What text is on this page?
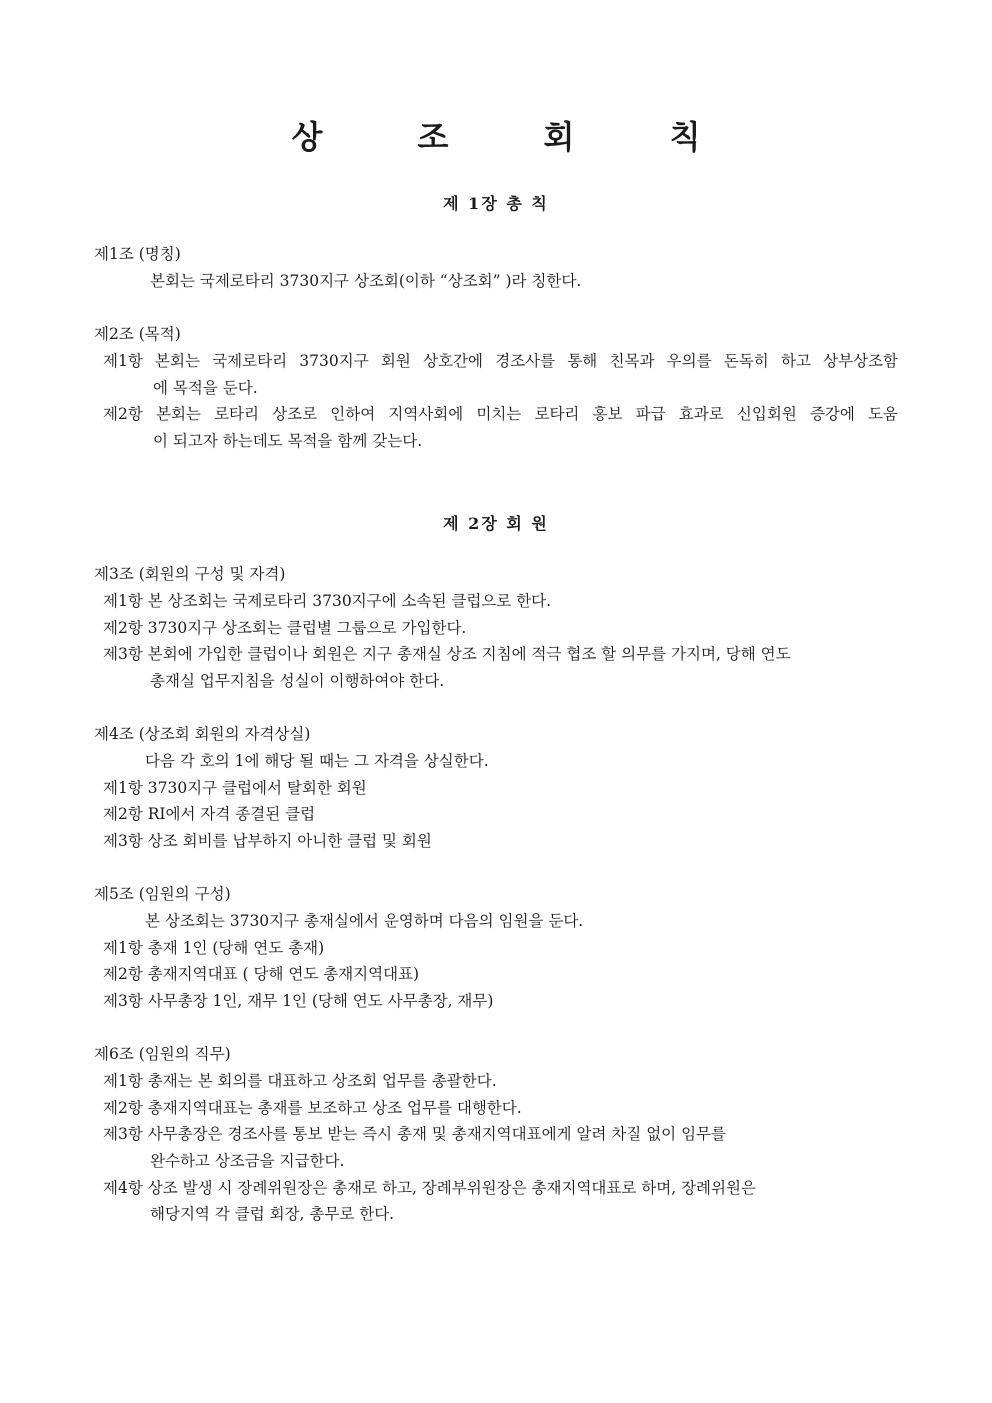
상 조 회 칙
제 1장 총 칙
제1조 (명칭)
본회는 국제로타리 3730지구 상조회(이하 “상조회” )라 칭한다.
제2조 (목적)
제1항 본회는 국제로타리 3730지구 회원 상호간에 경조사를 통해 친목과 우의를 돈독히 하고 상부상조함
에 목적을 둔다.
제2항 본회는 로타리 상조로 인하여 지역사회에 미치는 로타리 홍보 파급 효과로 신입회원 증강에 도움
이 되고자 하는데도 목적을 함께 갖는다.
제 2장 회 원
제3조 (회원의 구성 및 자격)
제1항 본 상조회는 국제로타리 3730지구에 소속된 클럽으로 한다.
제2항 3730지구 상조회는 클럽별 그룹으로 가입한다.
제3항 본회에 가입한 클럽이나 회원은 지구 총재실 상조 지침에 적극 협조 할 의무를 가지며, 당해 연도
총재실 업무지침을 성실이 이행하여야 한다.
제4조 (상조회 회원의 자격상실)
다음 각 호의 1에 해당 될 때는 그 자격을 상실한다.
제1항 3730지구 클럽에서 탈회한 회원
제2항 RI에서 자격 종결된 클럽
제3항 상조 회비를 납부하지 아니한 클럽 및 회원
제5조 (임원의 구성)
본 상조회는 3730지구 총재실에서 운영하며 다음의 임원을 둔다.
제1항 총재 1인 (당해 연도 총재)
제2항 총재지역대표 ( 당해 연도 총재지역대표)
제3항 사무총장 1인, 재무 1인 (당해 연도 사무총장, 재무)
제6조 (임원의 직무)
제1항 총재는 본 회의를 대표하고 상조회 업무를 총괄한다.
제2항 총재지역대표는 총재를 보조하고 상조 업무를 대행한다.
제3항 사무총장은 경조사를 통보 받는 즉시 총재 및 총재지역대표에게 알려 차질 없이 임무를
완수하고 상조금을 지급한다.
제4항 상조 발생 시 장례위원장은 총재로 하고, 장례부위원장은 총재지역대표로 하며, 장례위원은
해당지역 각 클럽 회장, 총무로 한다.
